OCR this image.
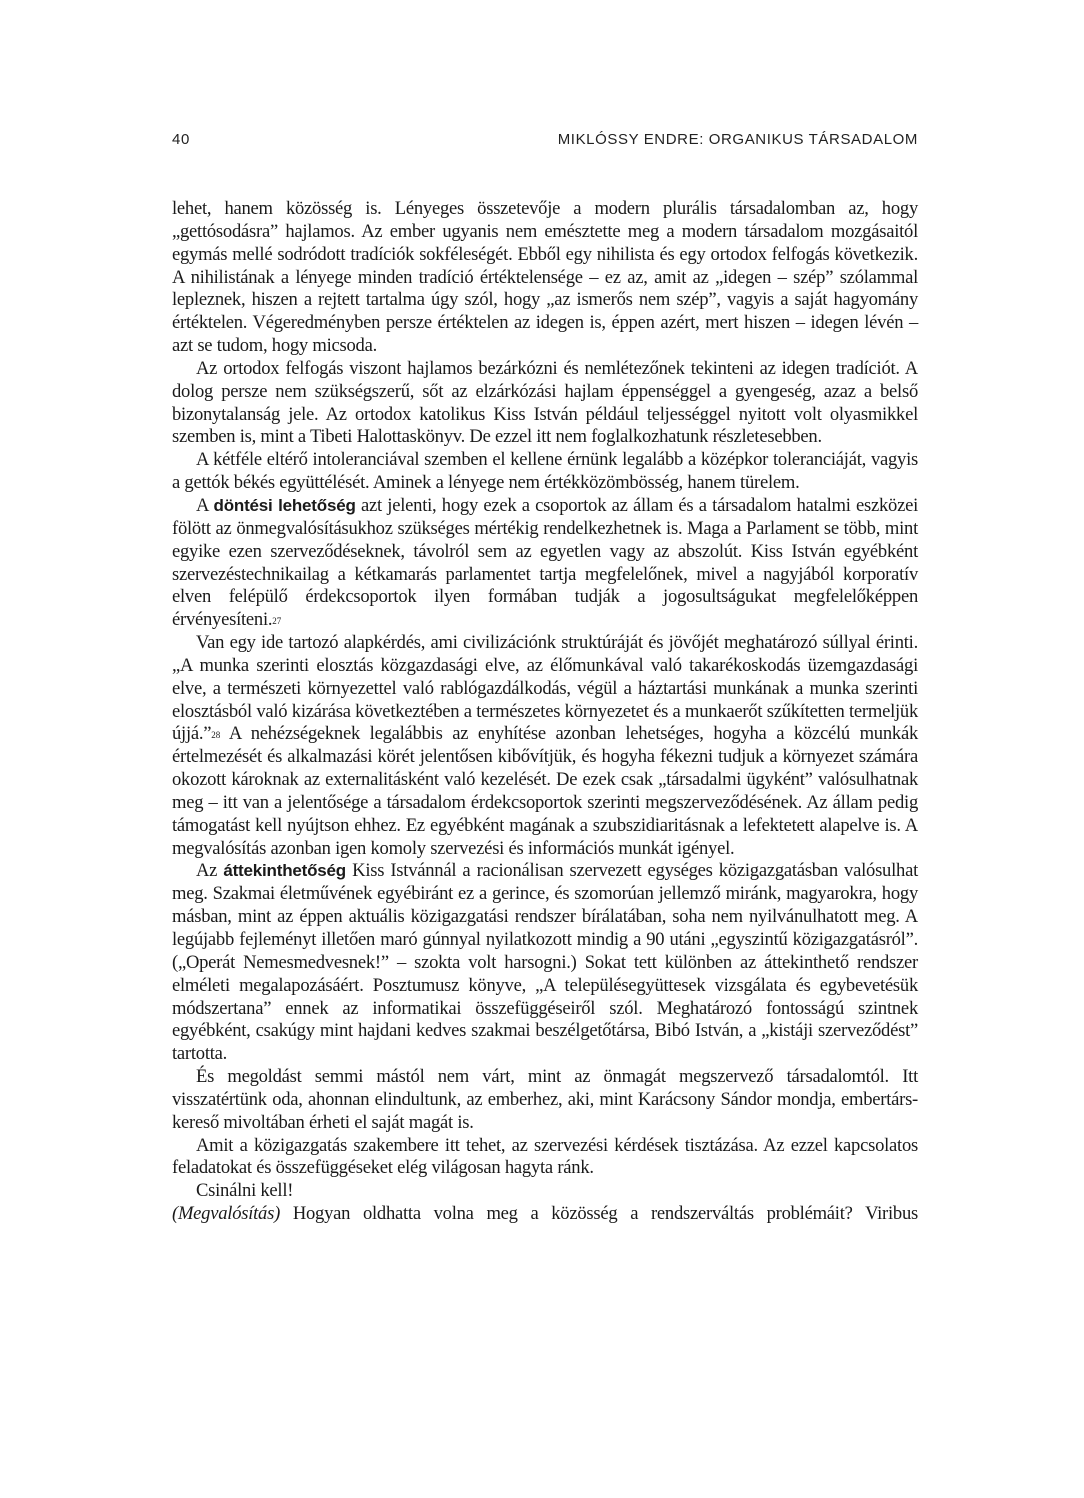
40	MIKLÓSSY ENDRE: ORGANIKUS TÁRSADALOM

lehet, hanem közösség is. Lényeges összetevője a modern plurális társadalomban az, hogy „gettósodásra” hajlamos. Az ember ugyanis nem emésztette meg a modern társadalom mozgásaitól egymás mellé sodródott tradíciók sokféleségét. Ebből egy nihilista és egy ortodox felfogás következik. A nihilistának a lényege minden tradíció értéktelensége – ez az, amit az „idegen – szép” szólammal lepleznek, hiszen a rejtett tartalma úgy szól, hogy „az ismerős nem szép”, vagyis a saját hagyomány értéktelen. Végeredményben persze értéktelen az idegen is, éppen azért, mert hiszen – idegen lévén – azt se tudom, hogy micsoda.

Az ortodox felfogás viszont hajlamos bezárkózni és nemlétezőnek tekinteni az idegen tradíciót. A dolog persze nem szükségszerű, sőt az elzárkózási hajlam éppenséggel a gyengeség, azaz a belső bizonytalanság jele. Az ortodox katolikus Kiss István például teljességgel nyitott volt olyasmikkel szemben is, mint a Tibeti Halottaskönyv. De ezzel itt nem foglalkozhatunk részletesebben.

A kétféle eltérő intoleranciával szemben el kellene érnünk legalább a középkor toleranciáját, vagyis a gettók békés együttélését. Aminek a lényege nem értékközömbösség, hanem türelem.

A döntési lehetőség azt jelenti, hogy ezek a csoportok az állam és a társadalom hatalmi eszközei fölött az önmegvalósításukhoz szükséges mértékig rendelkezhetnek is. Maga a Parlament se több, mint egyike ezen szerveződéseknek, távolról sem az egyetlen vagy az abszolút. Kiss István egyébként szervezéstechnikailag a kétkamarás parlamentet tartja megfelelőnek, mivel a nagyjából korporatív elven felépülő érdekcsoportok ilyen formában tudják a jogosultságukat megfelelőképpen érvényesíteni.$^{27}$

Van egy ide tartozó alapkérdés, ami civilizációnk struktúráját és jövőjét meghatározó súllyal érinti. „A munka szerinti elosztás közgazdasági elve, az élőmunkával való takarékoskodás üzemgazdasági elve, a természeti környezettel való rablógazdálkodás, végül a háztartási munkának a munka szerinti elosztásból való kizárása következtében a természetes környezetet és a munkaerőt szűkítetten termeljük újjá.”$^{28}$ A nehézségeknek legalábbis az enyhítése azonban lehetséges, hogyha a közcélú munkák értelmezését és alkalmazási körét jelentősen kibővítjük, és hogyha fékezni tudjuk a környezet számára okozott károknak az externalitásként való kezelését. De ezek csak „társadalmi ügyként” valósulhatnak meg – itt van a jelentősége a társadalom érdekcsoportok szerinti megszerveződésének. Az állam pedig támogatást kell nyújtson ehhez. Ez egyébként magának a szubszidiaritásnak a lefektetett alapelve is. A megvalósítás azonban igen komoly szervezési és információs munkát igényel.

Az áttekinthetőség Kiss Istvánnál a racionálisan szervezett egységes közigazgatásban valósulhat meg. Szakmai életművének egyébiránt ez a gerince, és szomorúan jellemző miránk, magyarokra, hogy másban, mint az éppen aktuális közigazgatási rendszer bírálatában, soha nem nyilvánulhatott meg. A legújabb fejleményt illetően maró gúnnyal nyilatkozott mindig a 90 utáni „egyszintű közigazgatásról”. („Operát Nemesmedvesnek!” – szokta volt harsogni.) Sokat tett különben az áttekinthető rendszer elméleti megalapozásáért. Posztumusz könyve, „A településegyüttesek vizsgálata és egybevetésük módszertana” ennek az informatikai összefüggéseiről szól. Meghatározó fontosságú szintnek egyébként, csakúgy mint hajdani kedves szakmai beszélgetőtársa, Bibó István, a „kistáji szerveződést” tartotta.

És megoldást semmi mástól nem várt, mint az önmagát megszervező társadalomtól. Itt visszatértünk oda, ahonnan elindultunk, az emberhez, aki, mint Karácsony Sándor mondja, embertárs-kereső mivoltában érheti el saját magát is.

Amit a közigazgatás szakembere itt tehet, az szervezési kérdések tisztázása. Az ezzel kapcsolatos feladatokat és összefüggéseket elég világosan hagyta ránk.

Csinálni kell!

(Megvalósítás) Hogyan oldhatta volna meg a közösség a rendszerváltás problémáit? Viribus
